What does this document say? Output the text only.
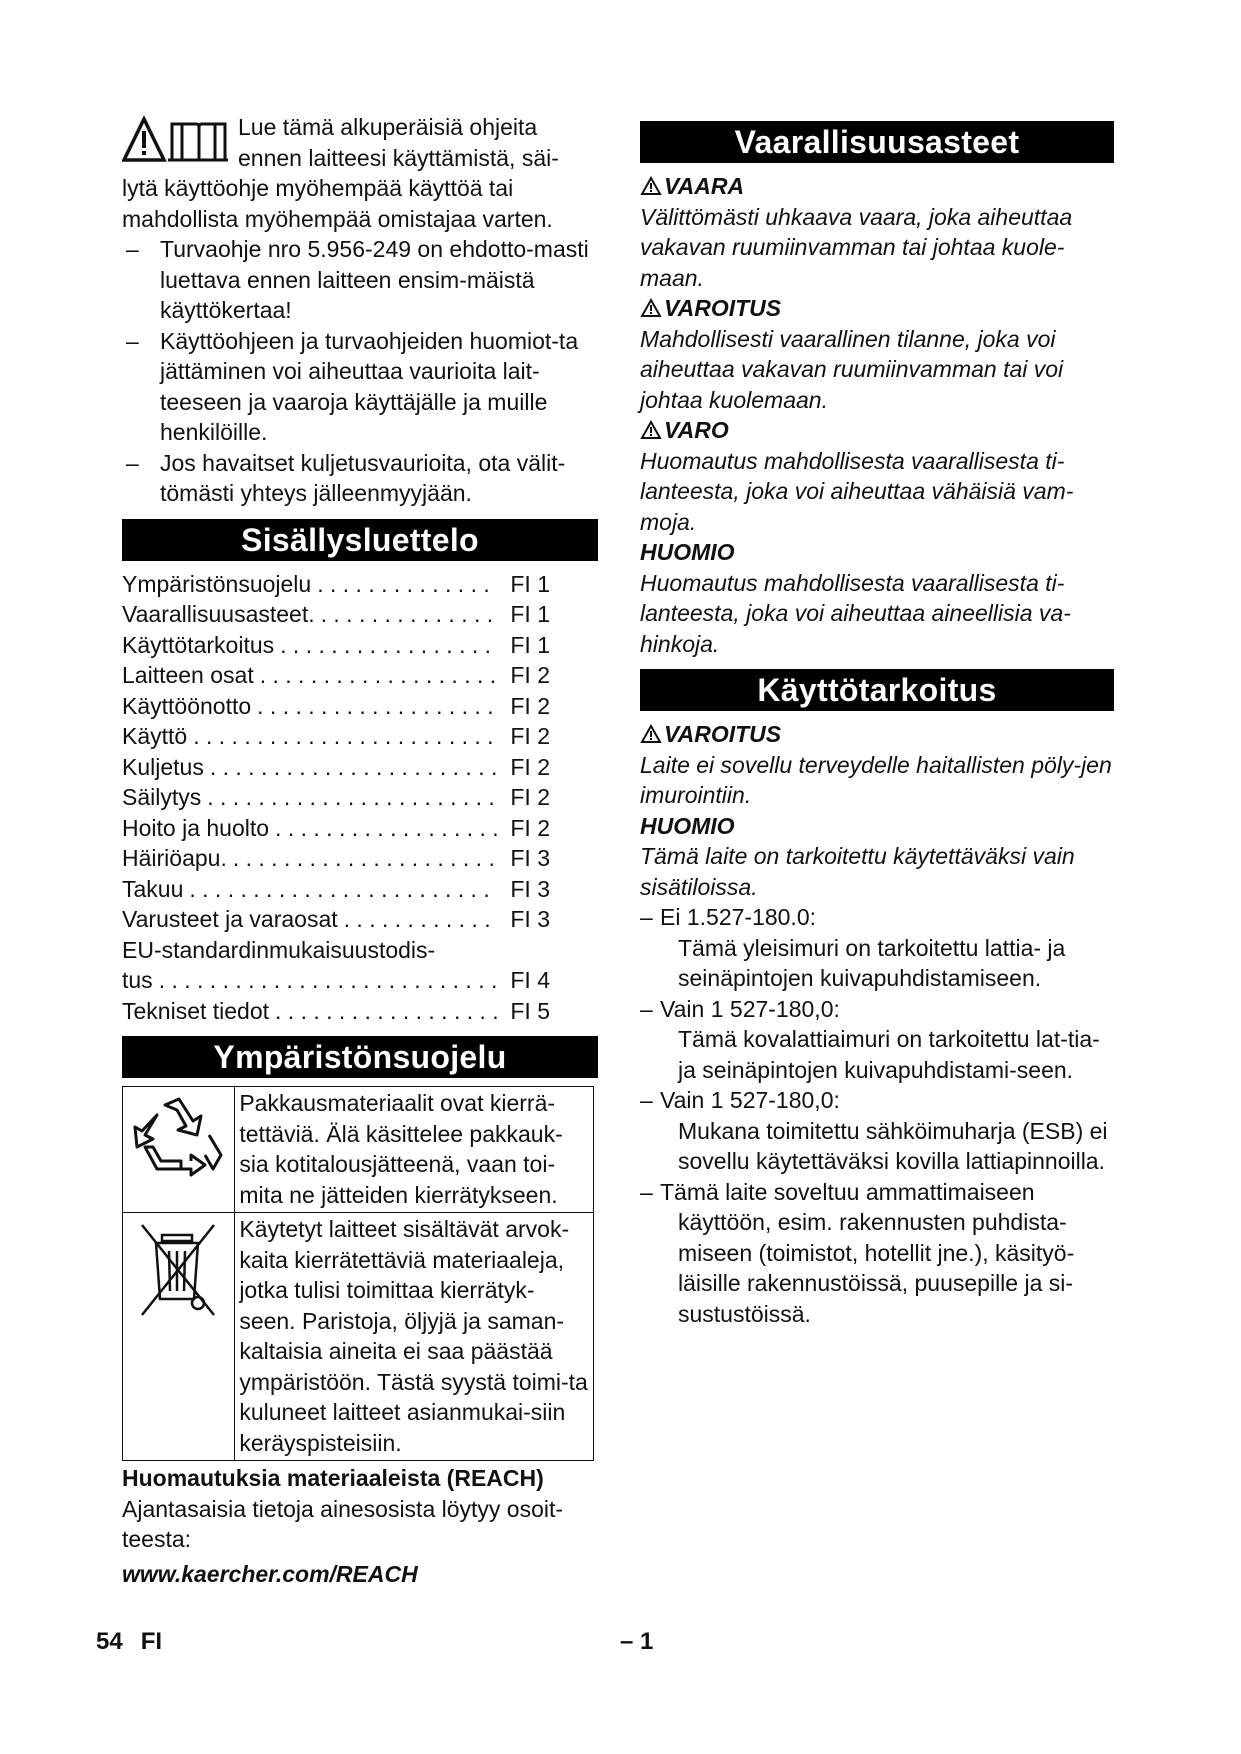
Lue tämä alkuperäisiä ohjeita

ennen laitteesi käyttämistä, säi-

lytä käyttöohje myöhempää käyttöä tai mahdollista myöhempää omistajaa varten.

– Turvaohje nro 5.956-249 on ehdotto-masti luettava ennen laitteen ensim-mäistä käyttökertaa!

– Käyttöohjeen ja turvaohjeiden huomiot-ta jättäminen voi aiheuttaa vaurioita lait-teeseen ja vaaroja käyttäjälle ja muille henkilöille.

– Jos havaitset kuljetusvaurioita, ota välit-tömästi yhteys jälleenmyyjään.

Sisällysluettelo
Ympäristönsuojelu . . .	FI 1
Vaarallisuusasteet. . . .	FI 1
Käyttötarkoitus . . .	FI 1
Laitteen osat . . .	FI 2
Käyttöönotto . . .	FI 2
Käyttö . . .	FI 2
Kuljetus . . .	FI 2
Säilytys . . .	FI 2
Hoito ja huolto . . .	FI 2
Häiriöapu. . . .	FI 3
Takuu . . .	FI 3
Varusteet ja varaosat . . .	FI 3
EU-standardinmukaisuustodis-
tus . . .	FI 4
Tekniset tiedot . . .	FI 5
Ympäristönsuojelu
	Pakkausmateriaalit ovat kierrä-tettäviä. Älä käsittelee pakkauk-sia kotitalousjätteenä, vaan toi-mita ne jätteiden kierrätykseen.
	Käytetyt laitteet sisältävät arvok-kaita kierrätettäviä materiaaleja, jotka tulisi toimittaa kierrätyk-seen. Paristoja, öljyjä ja saman-kaltaisia aineita ei saa päästää ympäristöön. Tästä syystä toimi-ta kuluneet laitteet asianmukai-siin keräyspisteisiin.
Huomautuksia materiaaleista (REACH)
Ajantasaisia tietoja ainesosista löytyy osoit-teesta:
www.kaercher.com/REACH
Vaarallisuusasteet
VAARA

Välittömästi uhkaava vaara, joka aiheuttaa vakavan ruumiinvamman tai johtaa kuole-maan.

VAROITUS

Mahdollisesti vaarallinen tilanne, joka voi aiheuttaa vakavan ruumiinvamman tai voi johtaa kuolemaan.

VARO

Huomautus mahdollisesta vaarallisesta ti-lanteesta, joka voi aiheuttaa vähäisiä vam-moja.

HUOMIO

Huomautus mahdollisesta vaarallisesta ti-lanteesta, joka voi aiheuttaa aineellisia va-hinkoja.

Käyttötarkoitus
VAROITUS

Laite ei sovellu terveydelle haitallisten pöly-jen imurointiin.

HUOMIO

Tämä laite on tarkoitettu käytettäväksi vain sisätiloissa.

– Ei 1.527-180.0:

Tämä yleisimuri on tarkoitettu lattia- ja seinäpintojen kuivapuhdistamiseen.

– Vain 1 527-180,0:

Tämä kovalattiaimuri on tarkoitettu lat-tia- ja seinäpintojen kuivapuhdistami-seen.

– Vain 1 527-180,0:

Mukana toimitettu sähköimuharja (ESB) ei sovellu käytettäväksi kovilla lattiapinnoilla.

– Tämä laite soveltuu ammattimaiseen

käyttöön, esim. rakennusten puhdista-miseen (toimistot, hotellit jne.), käsityö-läisille rakennustöissä, puusepille ja si-sustustöissä.

54 FI	– 1
